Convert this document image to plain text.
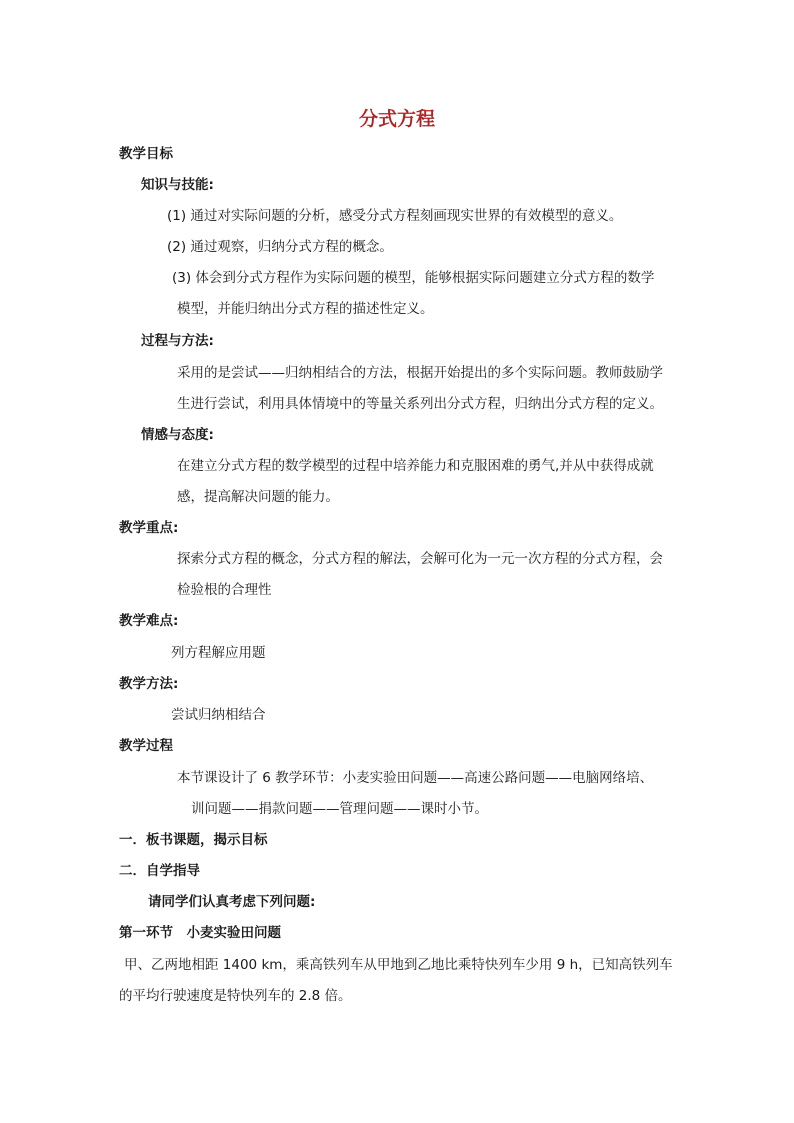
分式方程
教学目标
知识与技能:
(1) 通过对实际问题的分析，感受分式方程刻画现实世界的有效模型的意义。
(2) 通过观察，归纳分式方程的概念。
(3) 体会到分式方程作为实际问题的模型，能够根据实际问题建立分式方程的数学
模型，并能归纳出分式方程的描述性定义。
过程与方法:
采用的是尝试——归纳相结合的方法，根据开始提出的多个实际问题。教师鼓励学
生进行尝试，利用具体情境中的等量关系列出分式方程，归纳出分式方程的定义。
情感与态度:
在建立分式方程的数学模型的过程中培养能力和克服困难的勇气,并从中获得成就
感，提高解决问题的能力。
教学重点:
探索分式方程的概念，分式方程的解法，会解可化为一元一次方程的分式方程，会
检验根的合理性
教学难点:
列方程解应用题
教学方法:
尝试归纳相结合
教学过程
本节课设计了 6 教学环节：小麦实验田问题——高速公路问题——电脑网络培、
训问题——捐款问题——管理问题——课时小节。
一．板书课题，揭示目标
二．自学指导
请同学们认真考虑下列问题:
第一环节　小麦实验田问题
甲、乙两地相距 1400 km，乘高铁列车从甲地到乙地比乘特快列车少用 9 h，已知高铁列车
的平均行驶速度是特快列车的 2.8 倍。
